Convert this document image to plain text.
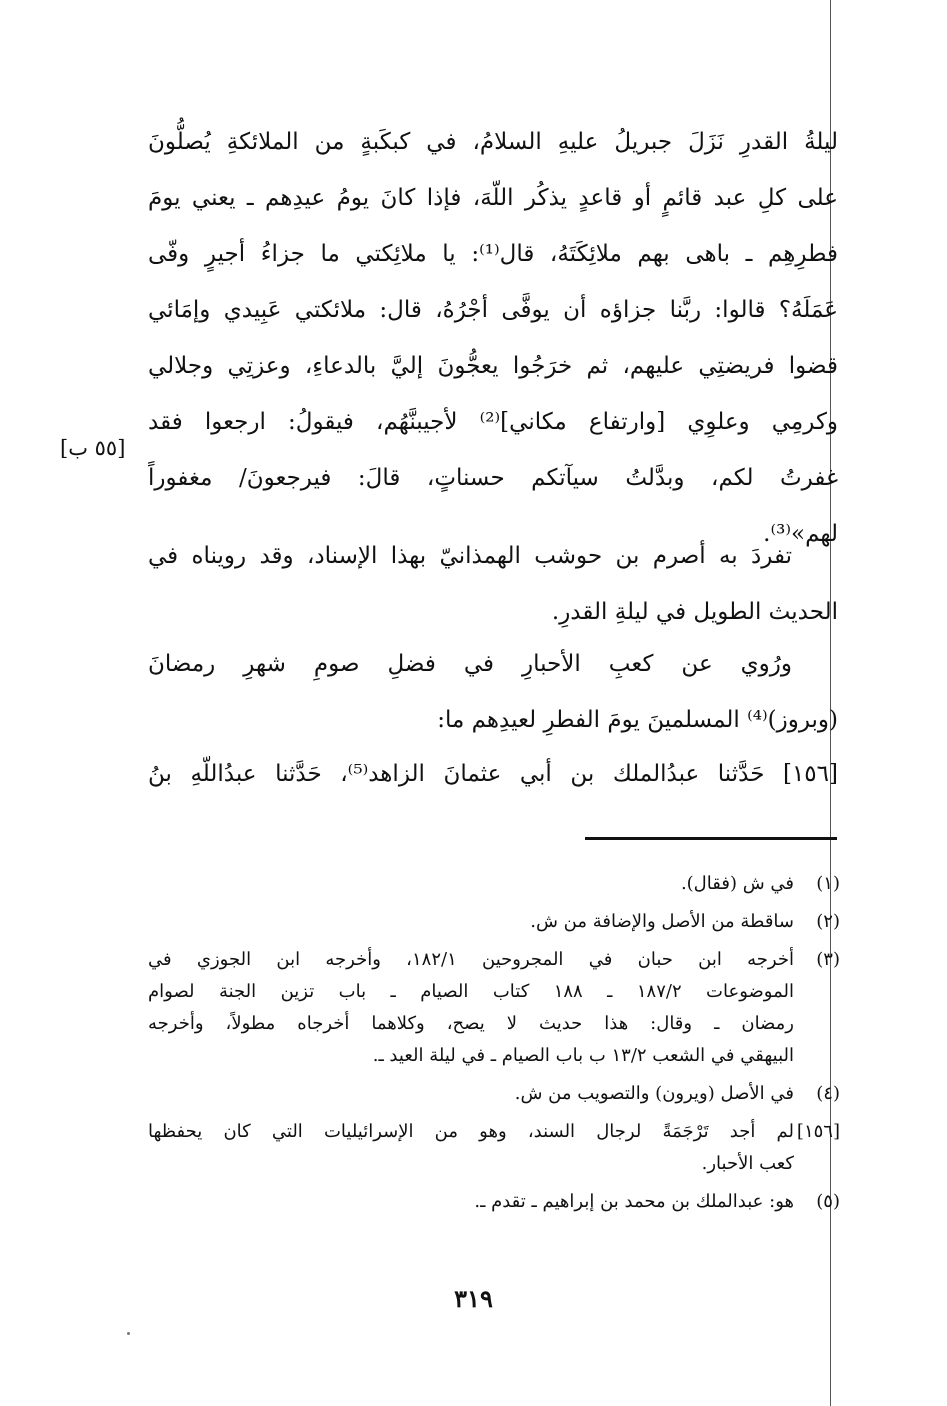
ليلةُ القدرِ نَزَلَ جبريلُ عليهِ السلامُ، في كبكَبةٍ من الملائكةِ يُصلُّونَ
على كلِ عبد قائمٍ أو قاعدٍ يذكُر اللّهَ، فإذا كانَ يومُ عيدِهم ـ يعني يومَ
فطرِهِم ـ باهى بهم ملائِكَتَهُ، قال⁽¹⁾: يا ملائِكتي ما جزاءُ أجيرٍ وفّى
عَمَلَهُ؟ قالوا: ربَّنا جزاؤه أن يوفَّى أجْرُهُ، قال: ملائكتي عَبِيدي وإمَائي
قضوا فريضتِي عليهم، ثم خرَجُوا يعجُّونَ إليَّ بالدعاءِ، وعزتِي وجلالي
وكرمِي وعلوِي [وارتفاع مكاني]⁽²⁾ لأجيبنَّهُم، فيقولُ: ارجعوا فقد
غفرتُ لكم، وبدَّلتُ سيآتكم حسناتٍ، قالَ: فيرجعونَ/ مغفوراً
لهم»⁽³⁾.
[٥٥ ب]
تفردَ به أصرم بن حوشب الهمذانيّ بهذا الإسناد، وقد رويناه في
الحديث الطويل في ليلةِ القدرِ.
ورُوي عن كعبِ الأحبارِ في فضلِ صومِ شهرِ رمضانَ
(وبروز)⁽⁴⁾ المسلمينَ يومَ الفطرِ لعيدِهم ما:
[١٥٦] حَدَّثنا عبدُالملك بن أبي عثمانَ الزاهد⁽⁵⁾، حَدَّثنا عبدُاللّهِ بنُ
(١)
في ش (فقال).
(٢)
ساقطة من الأصل والإضافة من ش.
(٣)
أخرجه ابن حبان في المجروحين ١٨٢/١، وأخرجه ابن الجوزي في
الموضوعات ١٨٧/٢ ـ ١٨٨ كتاب الصيام ـ باب تزين الجنة لصوام
رمضان ـ وقال: هذا حديث لا يصح، وكلاهما أخرجاه مطولاً، وأخرجه
البيهقي في الشعب ١٣/٢ ب باب الصيام ـ في ليلة العيد ـ.
(٤)
في الأصل (ويرون) والتصويب من ش.
[١٥٦]
لم أجد تَرْجَمَةً لرجال السند، وهو من الإسرائيليات التي كان يحفظها
كعب الأحبار.
(٥)
هو: عبدالملك بن محمد بن إبراهيم ـ تقدم ـ.
٣١٩
